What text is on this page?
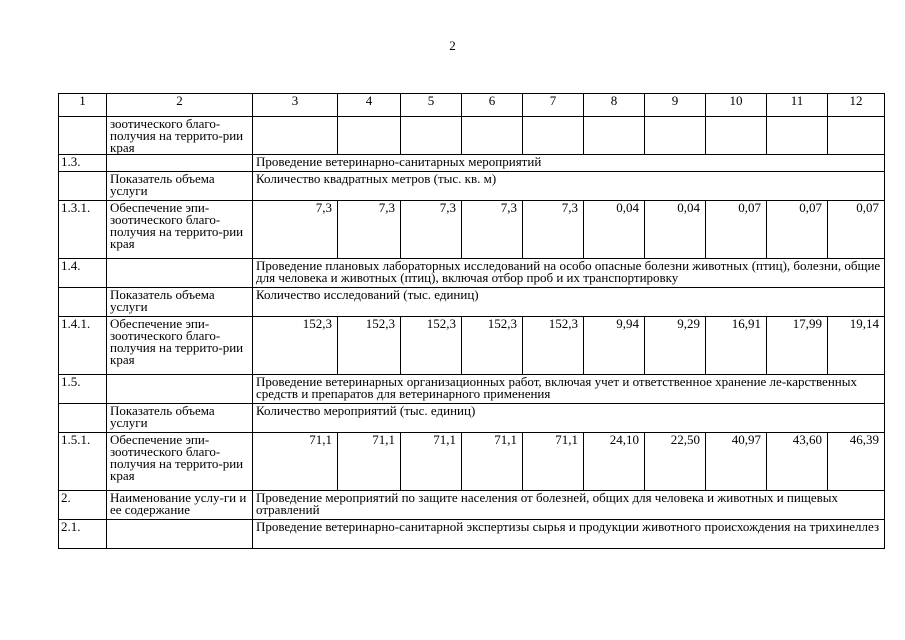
2
1	2	3	4	5	6	7	8	9	10	11	12
	зоотического благо-получия на террито-рии края										
1.3.		Проведение ветеринарно-санитарных мероприятий									
	Показатель объема услуги	Количество квадратных метров (тыс. кв. м)									
1.3.1.	Обеспечение эпи-зоотического благо-получия на террито-рии края	7,3	7,3	7,3	7,3	7,3	0,04	0,04	0,07	0,07	0,07
1.4.		Проведение плановых лабораторных исследований на особо опасные болезни животных (птиц), болезни, общие для человека и животных (птиц), включая отбор проб и их транспортировку									
	Показатель объема услуги	Количество исследований (тыс. единиц)									
1.4.1.	Обеспечение эпи-зоотического благо-получия на террито-рии края	152,3	152,3	152,3	152,3	152,3	9,94	9,29	16,91	17,99	19,14
1.5.		Проведение ветеринарных организационных работ, включая учет и ответственное хранение ле-карственных средств и препаратов для ветеринарного применения									
	Показатель объема услуги	Количество мероприятий (тыс. единиц)									
1.5.1.	Обеспечение эпи-зоотического благо-получия на террито-рии края	71,1	71,1	71,1	71,1	71,1	24,10	22,50	40,97	43,60	46,39
2.	Наименование услу-ги и ее содержание	Проведение мероприятий по защите населения от болезней, общих для человека и животных и пищевых отравлений									
2.1.		Проведение ветеринарно-санитарной экспертизы сырья и продукции животного происхождения на трихинеллез									
